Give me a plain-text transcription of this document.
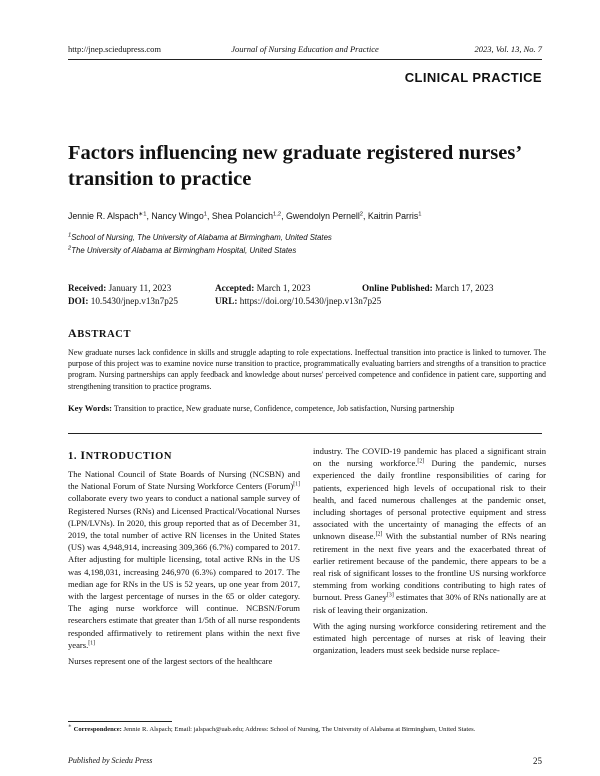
http://jnep.sciedupress.com	Journal of Nursing Education and Practice	2023, Vol. 13, No. 7
CLINICAL PRACTICE
Factors influencing new graduate registered nurses’ transition to practice
Jennie R. Alspach$^{∗1}$, Nancy Wingo$^1$, Shea Polancich$^{1,2}$, Gwendolyn Pernell$^2$, Kaitrin Parris$^1$
$^1$School of Nursing, The University of Alabama at Birmingham, United States
$^2$The University of Alabama at Birmingham Hospital, United States
Received: January 11, 2023	Accepted: March 1, 2023	Online Published: March 17, 2023
DOI: 10.5430/jnep.v13n7p25	URL: https://doi.org/10.5430/jnep.v13n7p25
ABSTRACT
New graduate nurses lack confidence in skills and struggle adapting to role expectations. Ineffectual transition into practice is linked to turnover. The purpose of this project was to examine novice nurse transition to practice, programmatically evaluating barriers and strengths of a transition to practice program. Nursing partnerships can apply feedback and knowledge about nurses' perceived competence and confidence in patient care, supporting and strengthening transition to practice programs.
Key Words: Transition to practice, New graduate nurse, Confidence, competence, Job satisfaction, Nursing partnership
1. INTRODUCTION

The National Council of State Boards of Nursing (NCSBN) and the National Forum of State Nursing Workforce Centers (Forum)[1] collaborate every two years to conduct a national sample survey of Registered Nurses (RNs) and Licensed Practical/Vocational Nurses (LPN/LVNs). In 2020, this group reported that as of December 31, 2019, the total number of active RN licenses in the United States (US) was 4,948,914, increasing 309,366 (6.7%) compared to 2017. After adjusting for multiple licensing, total active RNs in the US was 4,198,031, increasing 246,970 (6.3%) compared to 2017. The median age for RNs in the US is 52 years, up one year from 2017, with the largest percentage of nurses in the 65 or older category. The aging nurse workforce will continue. NCBSN/Forum researchers estimate that greater than 1/5th of all nurse respondents responded affirmatively to retirement plans within the next five years.[1]

Nurses represent one of the largest sectors of the healthcare

industry. The COVID-19 pandemic has placed a significant strain on the nursing workforce.[2] During the pandemic, nurses experienced the daily frontline responsibilities of caring for patients, experienced high levels of occupational risk to their health, and faced numerous challenges at the pandemic onset, including shortages of personal protective equipment and stress associated with the uncertainty of managing the effects of an unknown disease.[2] With the substantial number of RNs nearing retirement in the next five years and the exacerbated threat of earlier retirement because of the pandemic, there appears to be a real risk of significant losses to the frontline US nursing workforce stemming from working conditions contributing to high rates of burnout. Press Ganey[3] estimates that 30% of RNs nationally are at risk of leaving their organization.

With the aging nursing workforce considering retirement and the estimated high percentage of nurses at risk of leaving their organization, leaders must seek bedside nurse replace-

∗ Correspondence: Jennie R. Alspach; Email: jalspach@uab.edu; Address: School of Nursing, The University of Alabama at Birmingham, United States.
Published by Sciedu Press	25
